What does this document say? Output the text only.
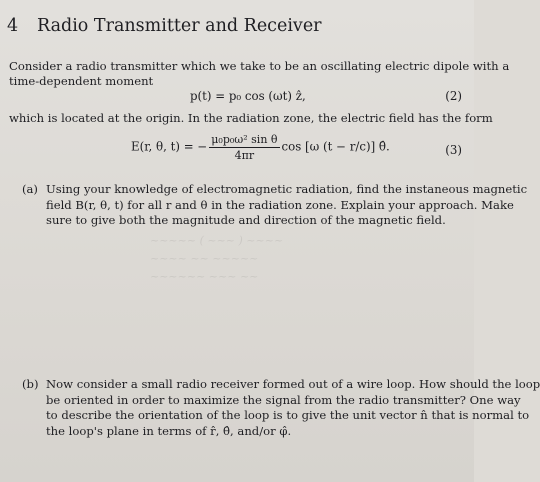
~~~~~ ( ~~~ ) ~~~~
~~~~ ~~ ~~~~~
~~~~~~ ~~~ ~~
4 Radio Transmitter and Receiver
Consider a radio transmitter which we take to be an oscillating electric dipole with a
time-dependent moment
p(t) = p₀ cos (ωt) ẑ,	(2)
which is located at the origin. In the radiation zone, the electric field has the form
E(r, θ, t) = − $\frac{\text{μ₀p₀ω² sin θ}}{4\pi r}$ cos [ω (t − r/c)] θ̂.	(3)
(a) Using your knowledge of electromagnetic radiation, find the instaneous magnetic
field B(r, θ, t) for all r and θ in the radiation zone. Explain your approach. Make
sure to give both the magnitude and direction of the magnetic field.
(b) Now consider a small radio receiver formed out of a wire loop. How should the loop
be oriented in order to maximize the signal from the radio transmitter? One way
to describe the orientation of the loop is to give the unit vector n̂ that is normal to
the loop's plane in terms of r̂, θ̂, and/or φ̂.
